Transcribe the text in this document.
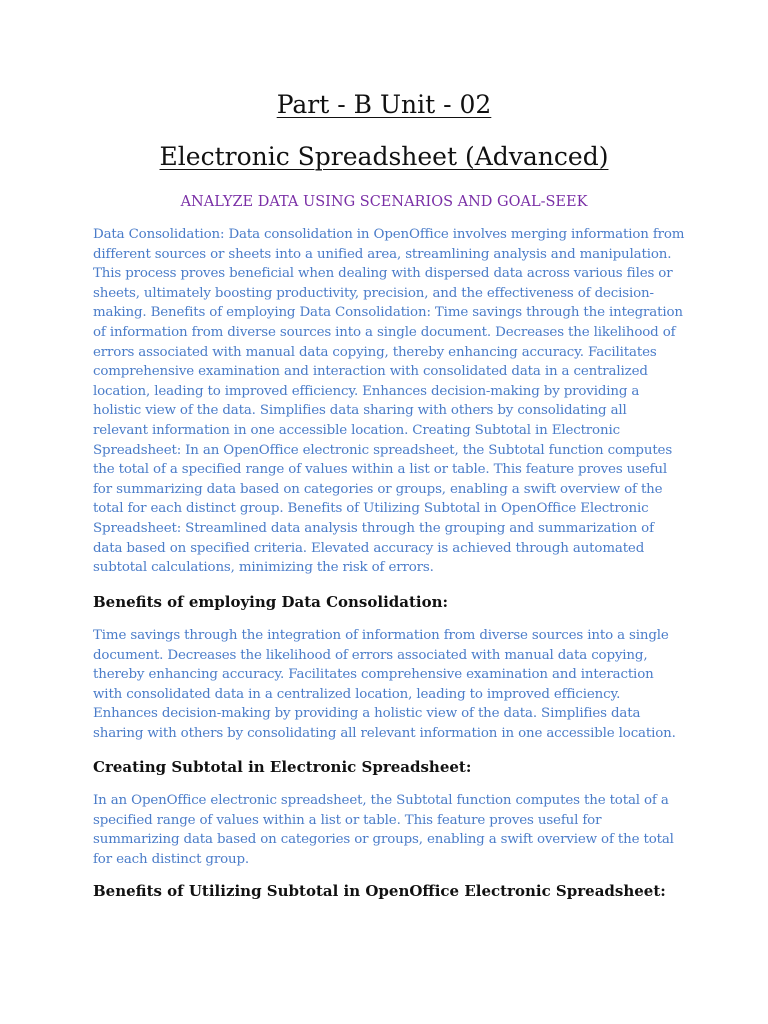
Part - B Unit - 02
Electronic Spreadsheet (Advanced)
ANALYZE DATA USING SCENARIOS AND GOAL-SEEK

Data Consolidation: Data consolidation in OpenOffice involves merging information from different sources or sheets into a unified area, streamlining analysis and manipulation. This process proves beneficial when dealing with dispersed data across various files or sheets, ultimately boosting productivity, precision, and the effectiveness of decision-making. Benefits of employing Data Consolidation: Time savings through the integration of information from diverse sources into a single document. Decreases the likelihood of errors associated with manual data copying, thereby enhancing accuracy. Facilitates comprehensive examination and interaction with consolidated data in a centralized location, leading to improved efficiency. Enhances decision-making by providing a holistic view of the data. Simplifies data sharing with others by consolidating all relevant information in one accessible location. Creating Subtotal in Electronic Spreadsheet: In an OpenOffice electronic spreadsheet, the Subtotal function computes the total of a specified range of values within a list or table. This feature proves useful for summarizing data based on categories or groups, enabling a swift overview of the total for each distinct group. Benefits of Utilizing Subtotal in OpenOffice Electronic Spreadsheet: Streamlined data analysis through the grouping and summarization of data based on specified criteria. Elevated accuracy is achieved through automated subtotal calculations, minimizing the risk of errors.

Benefits of employing Data Consolidation:

Time savings through the integration of information from diverse sources into a single document. Decreases the likelihood of errors associated with manual data copying, thereby enhancing accuracy. Facilitates comprehensive examination and interaction with consolidated data in a centralized location, leading to improved efficiency. Enhances decision-making by providing a holistic view of the data. Simplifies data sharing with others by consolidating all relevant information in one accessible location.

Creating Subtotal in Electronic Spreadsheet:

In an OpenOffice electronic spreadsheet, the Subtotal function computes the total of a specified range of values within a list or table. This feature proves useful for summarizing data based on categories or groups, enabling a swift overview of the total for each distinct group.

Benefits of Utilizing Subtotal in OpenOffice Electronic Spreadsheet:
